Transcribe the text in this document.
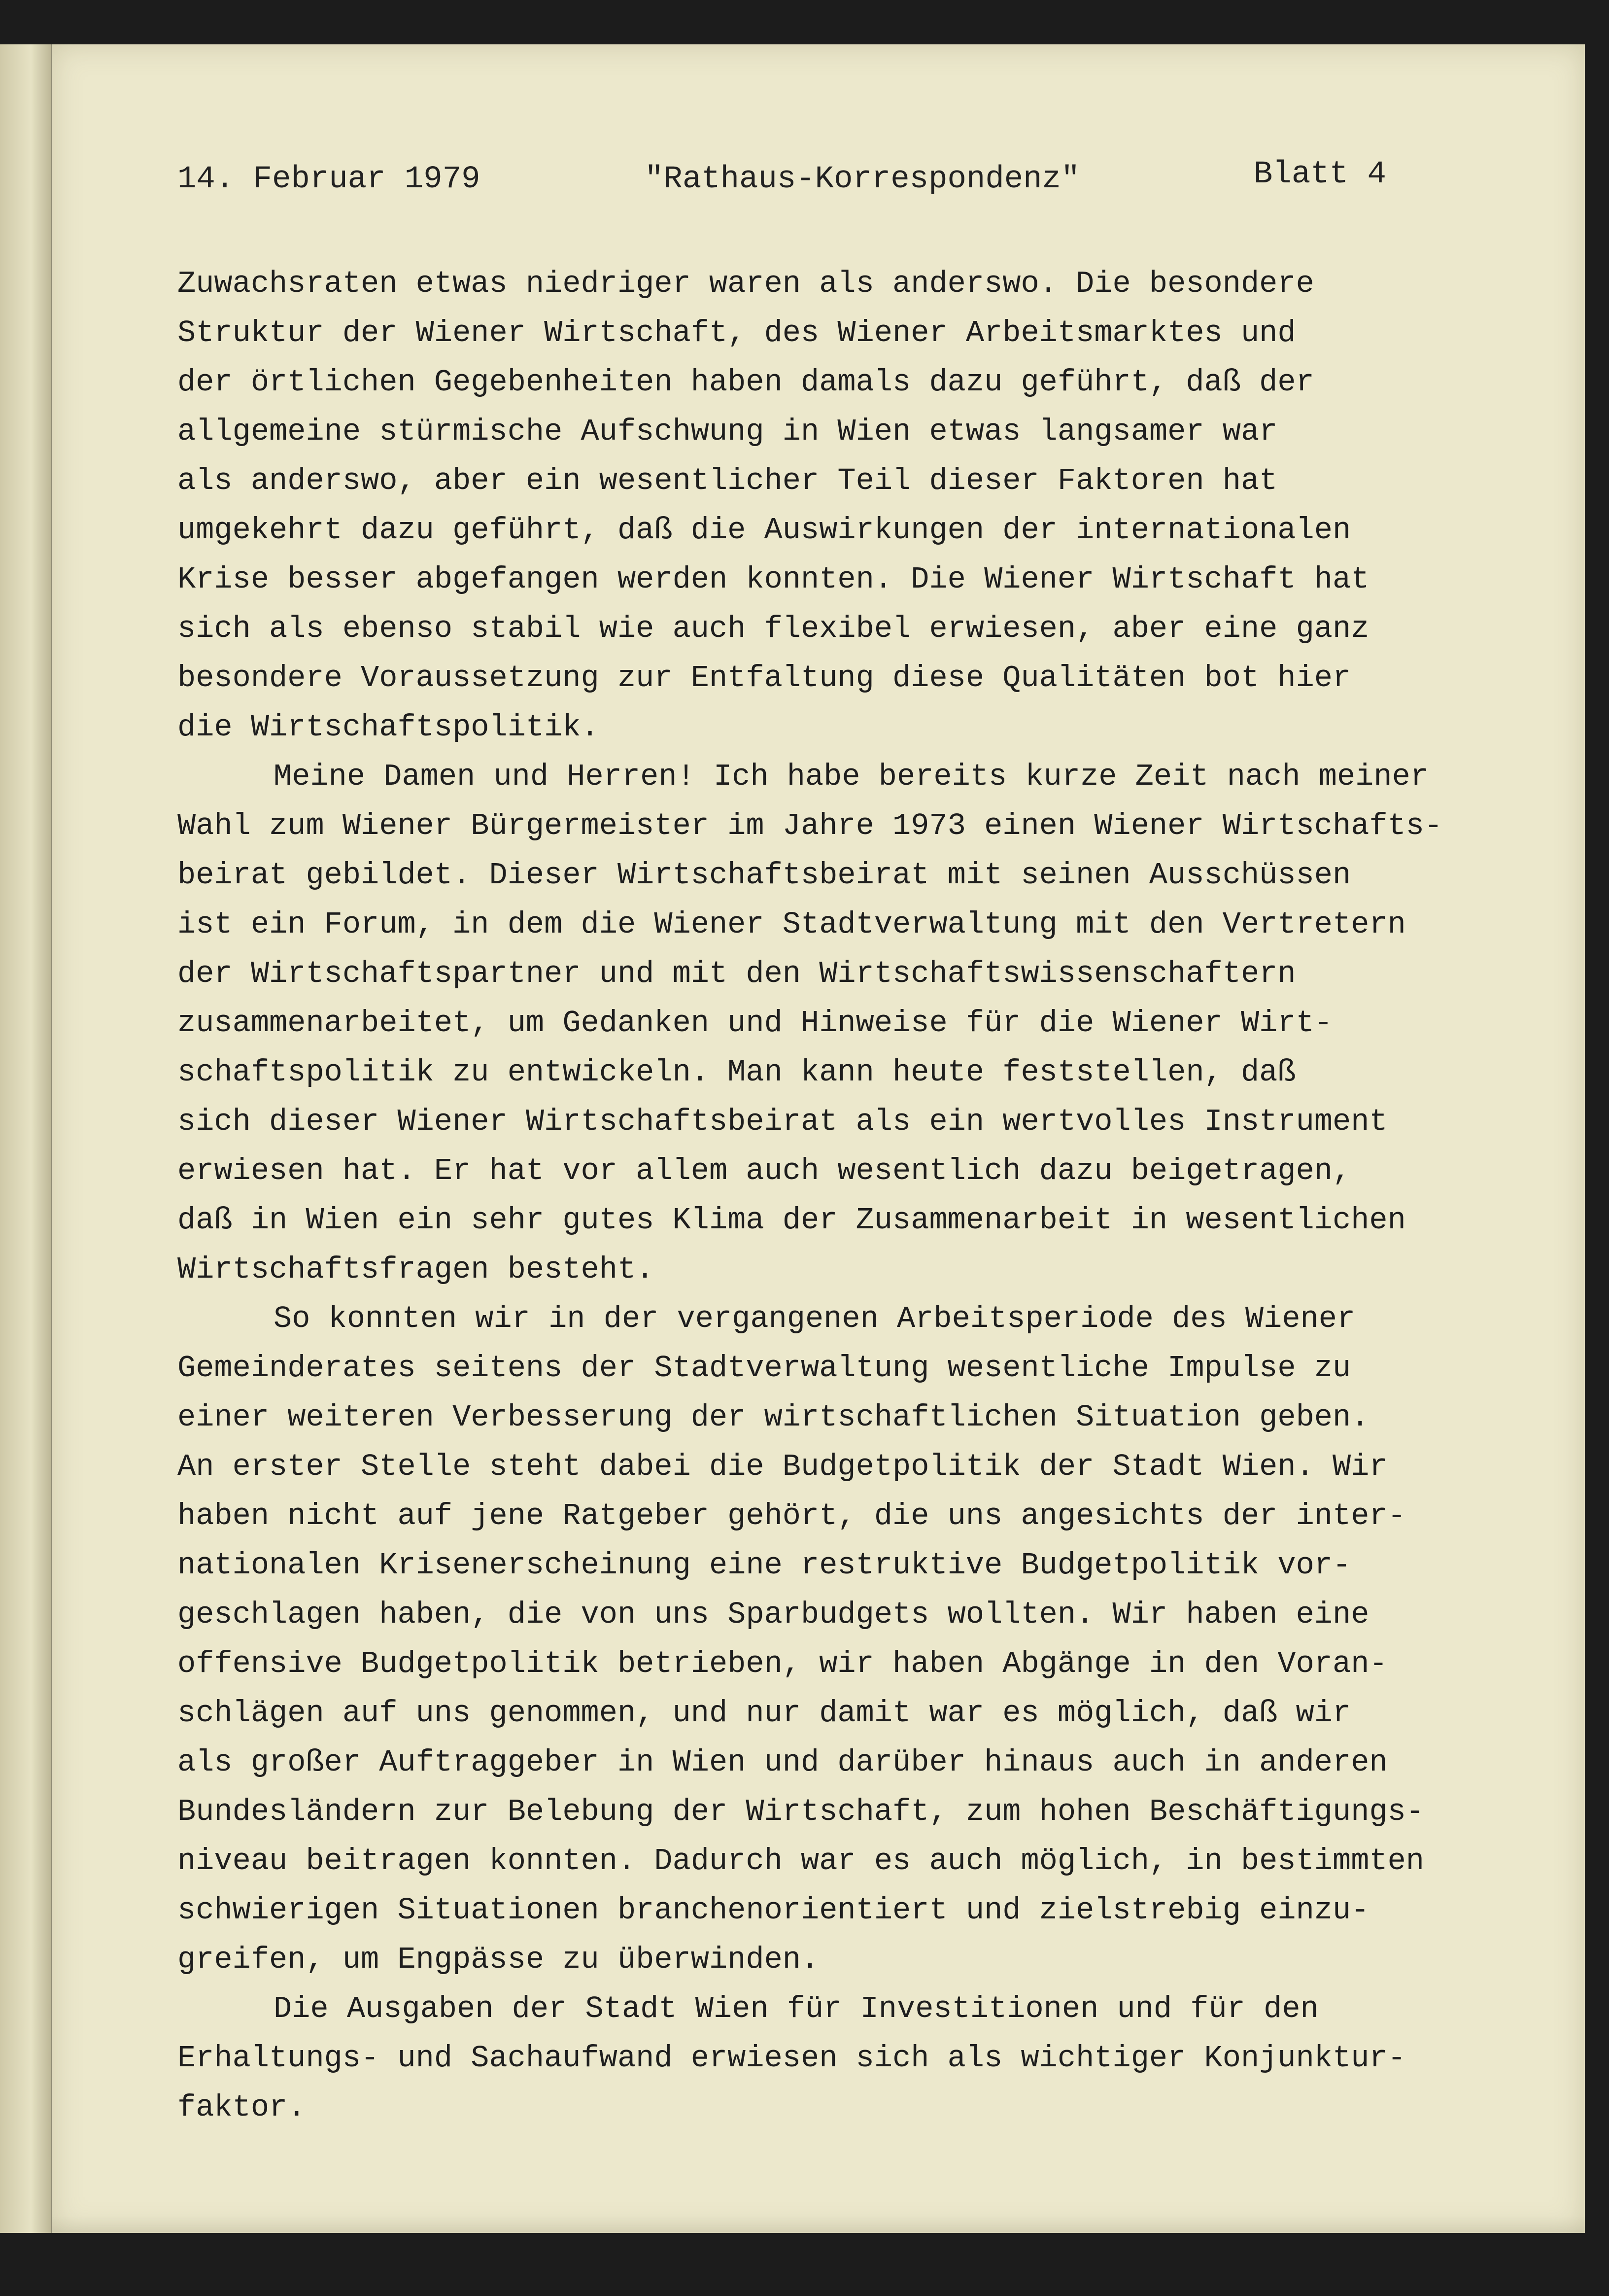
14. Februar 1979	"Rathaus-Korrespondenz"	Blatt 4
Zuwachsraten etwas niedriger waren als anderswo. Die besondere
Struktur der Wiener Wirtschaft, des Wiener Arbeitsmarktes und
der örtlichen Gegebenheiten haben damals dazu geführt, daß der
allgemeine stürmische Aufschwung in Wien etwas langsamer war
als anderswo, aber ein wesentlicher Teil dieser Faktoren hat
umgekehrt dazu geführt, daß die Auswirkungen der internationalen
Krise besser abgefangen werden konnten. Die Wiener Wirtschaft hat
sich als ebenso stabil wie auch flexibel erwiesen, aber eine ganz
besondere Voraussetzung zur Entfaltung diese Qualitäten bot hier
die Wirtschaftspolitik.
Meine Damen und Herren! Ich habe bereits kurze Zeit nach meiner
Wahl zum Wiener Bürgermeister im Jahre 1973 einen Wiener Wirtschafts-
beirat gebildet. Dieser Wirtschaftsbeirat mit seinen Ausschüssen
ist ein Forum, in dem die Wiener Stadtverwaltung mit den Vertretern
der Wirtschaftspartner und mit den Wirtschaftswissenschaftern
zusammenarbeitet, um Gedanken und Hinweise für die Wiener Wirt-
schaftspolitik zu entwickeln. Man kann heute feststellen, daß
sich dieser Wiener Wirtschaftsbeirat als ein wertvolles Instrument
erwiesen hat. Er hat vor allem auch wesentlich dazu beigetragen,
daß in Wien ein sehr gutes Klima der Zusammenarbeit in wesentlichen
Wirtschaftsfragen besteht.
So konnten wir in der vergangenen Arbeitsperiode des Wiener
Gemeinderates seitens der Stadtverwaltung wesentliche Impulse zu
einer weiteren Verbesserung der wirtschaftlichen Situation geben.
An erster Stelle steht dabei die Budgetpolitik der Stadt Wien. Wir
haben nicht auf jene Ratgeber gehört, die uns angesichts der inter-
nationalen Krisenerscheinung eine restruktive Budgetpolitik vor-
geschlagen haben, die von uns Sparbudgets wollten. Wir haben eine
offensive Budgetpolitik betrieben, wir haben Abgänge in den Voran-
schlägen auf uns genommen, und nur damit war es möglich, daß wir
als großer Auftraggeber in Wien und darüber hinaus auch in anderen
Bundesländern zur Belebung der Wirtschaft, zum hohen Beschäftigungs-
niveau beitragen konnten. Dadurch war es auch möglich, in bestimmten
schwierigen Situationen branchenorientiert und zielstrebig einzu-
greifen, um Engpässe zu überwinden.
Die Ausgaben der Stadt Wien für Investitionen und für den
Erhaltungs- und Sachaufwand erwiesen sich als wichtiger Konjunktur-
faktor.
